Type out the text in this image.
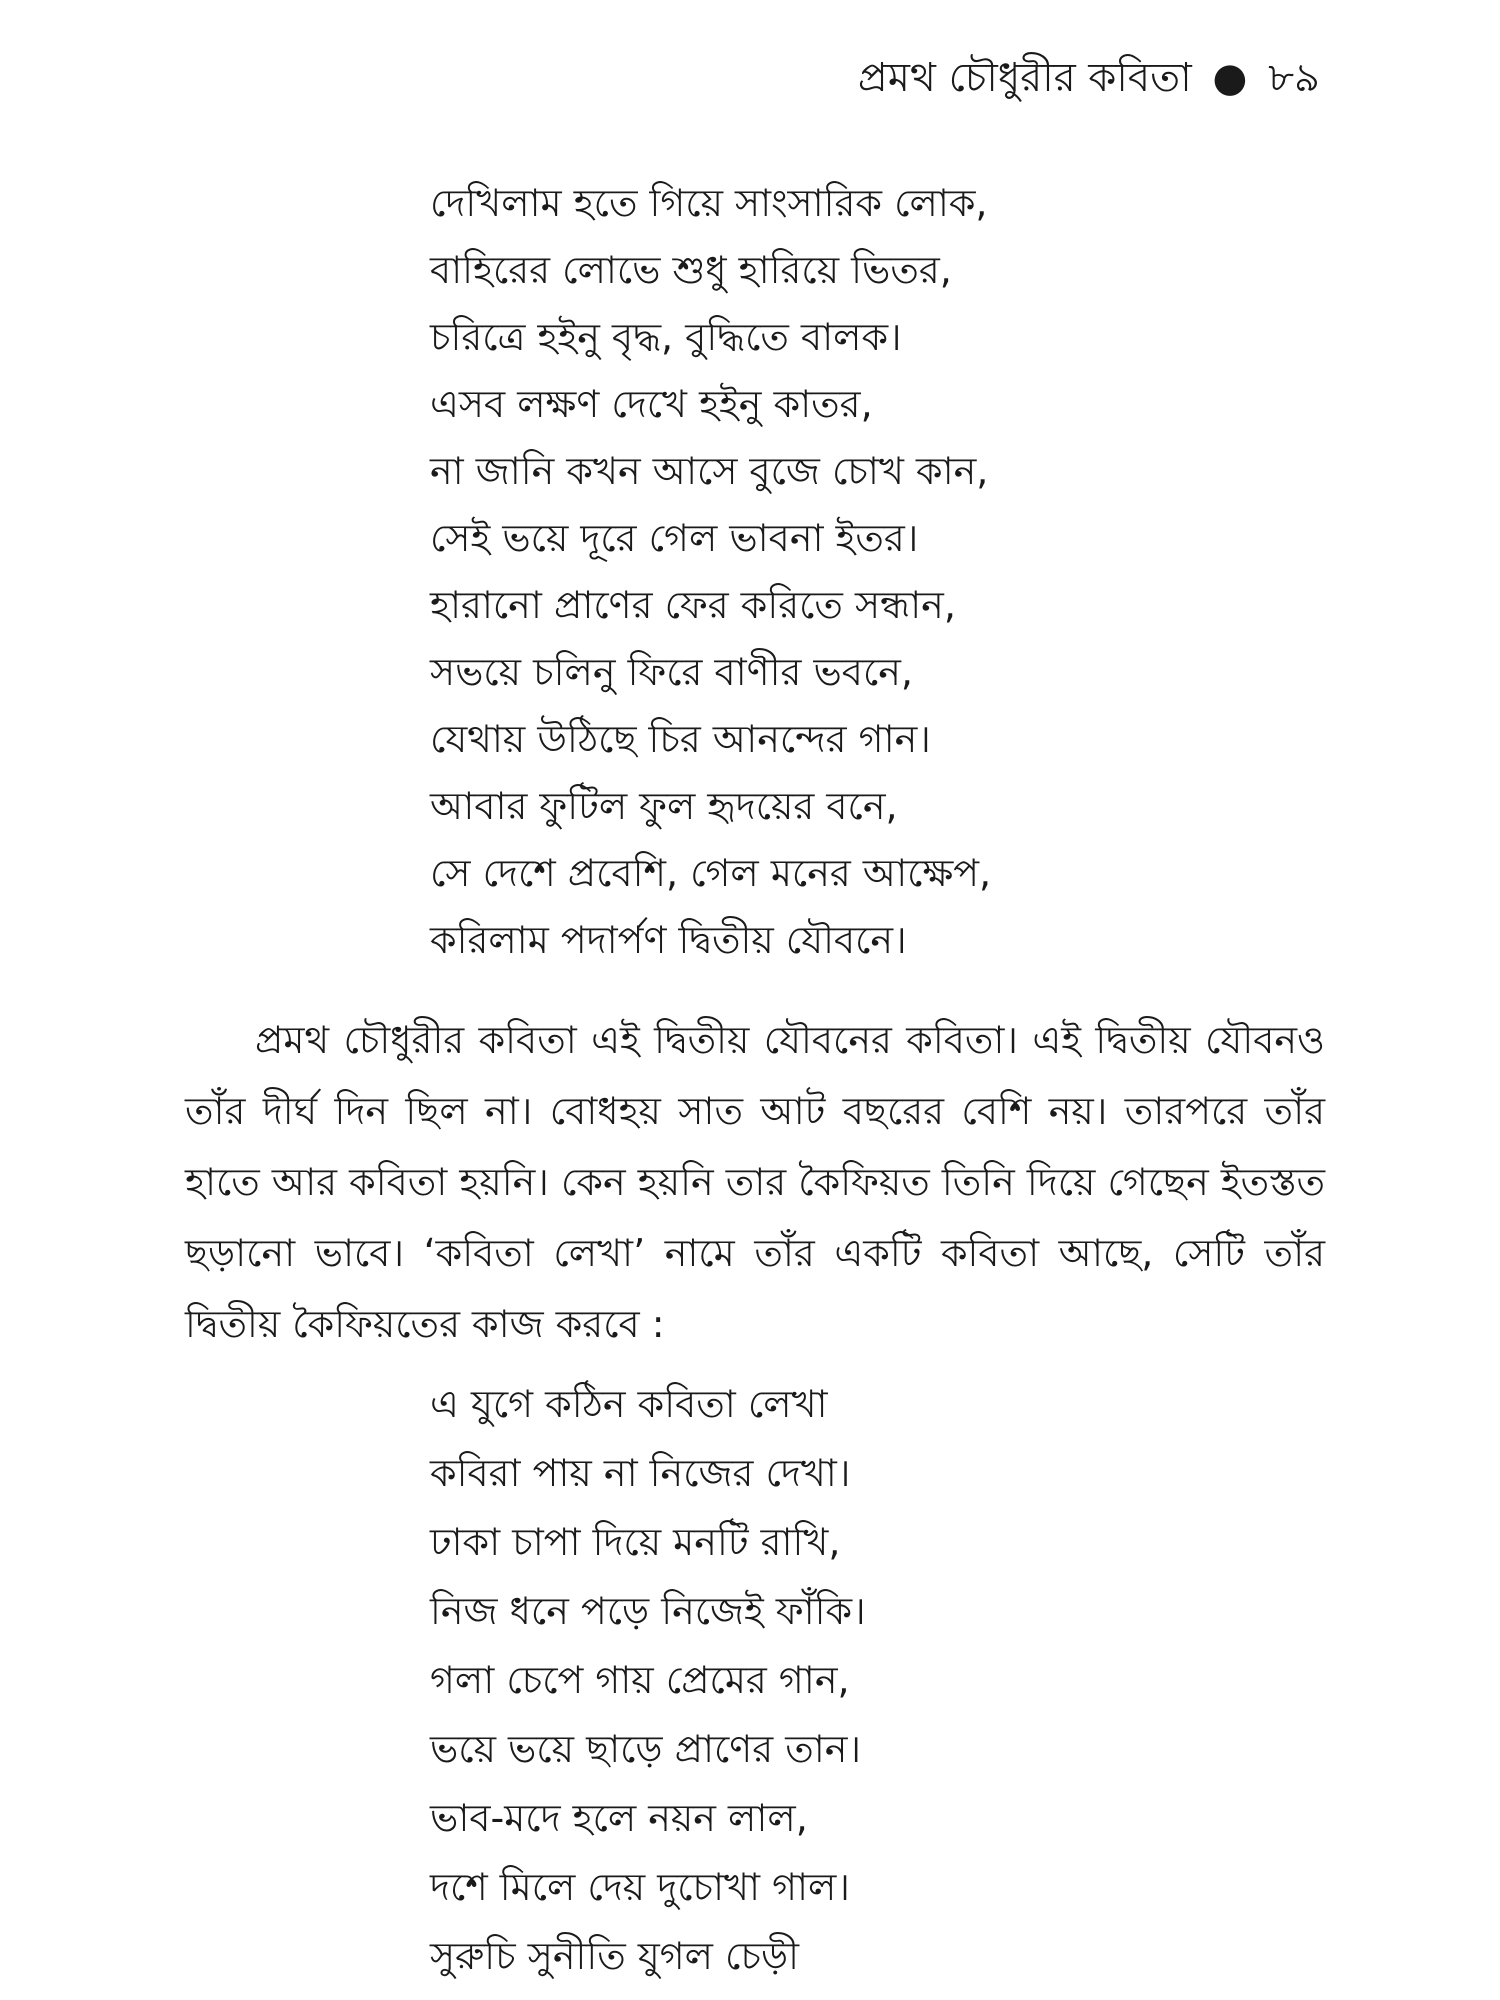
প্রমথ চৌধুরীর কবিতা ● ৮৯
দেখিলাম হতে গিয়ে সাংসারিক লোক,
বাহিরের লোভে শুধু হারিয়ে ভিতর,
চরিত্রে হইনু বৃদ্ধ, বুদ্ধিতে বালক।
এসব লক্ষণ দেখে হইনু কাতর,
না জানি কখন আসে বুজে চোখ কান,
সেই ভয়ে দূরে গেল ভাবনা ইতর।
হারানো প্রাণের ফের করিতে সন্ধান,
সভয়ে চলিনু ফিরে বাণীর ভবনে,
যেথায় উঠিছে চির আনন্দের গান।
আবার ফুটিল ফুল হৃদয়ের বনে,
সে দেশে প্রবেশি, গেল মনের আক্ষেপ,
করিলাম পদার্পণ দ্বিতীয় যৌবনে।

প্রমথ চৌধুরীর কবিতা এই দ্বিতীয় যৌবনের কবিতা। এই দ্বিতীয় যৌবনও তাঁর দীর্ঘ দিন ছিল না। বোধহয় সাত আট বছরের বেশি নয়। তারপরে তাঁর হাতে আর কবিতা হয়নি। কেন হয়নি তার কৈফিয়ত তিনি দিয়ে গেছেন ইতস্তত ছড়ানো ভাবে। ‘কবিতা লেখা’ নামে তাঁর একটি কবিতা আছে, সেটি তাঁর দ্বিতীয় কৈফিয়তের কাজ করবে :

এ যুগে কঠিন কবিতা লেখা
কবিরা পায় না নিজের দেখা।
ঢাকা চাপা দিয়ে মনটি রাখি,
নিজ ধনে পড়ে নিজেই ফাঁকি।
গলা চেপে গায় প্রেমের গান,
ভয়ে ভয়ে ছাড়ে প্রাণের তান।
ভাব-মদে হলে নয়ন লাল,
দশে মিলে দেয় দুচোখা গাল।
সুরুচি সুনীতি যুগল চেড়ী
